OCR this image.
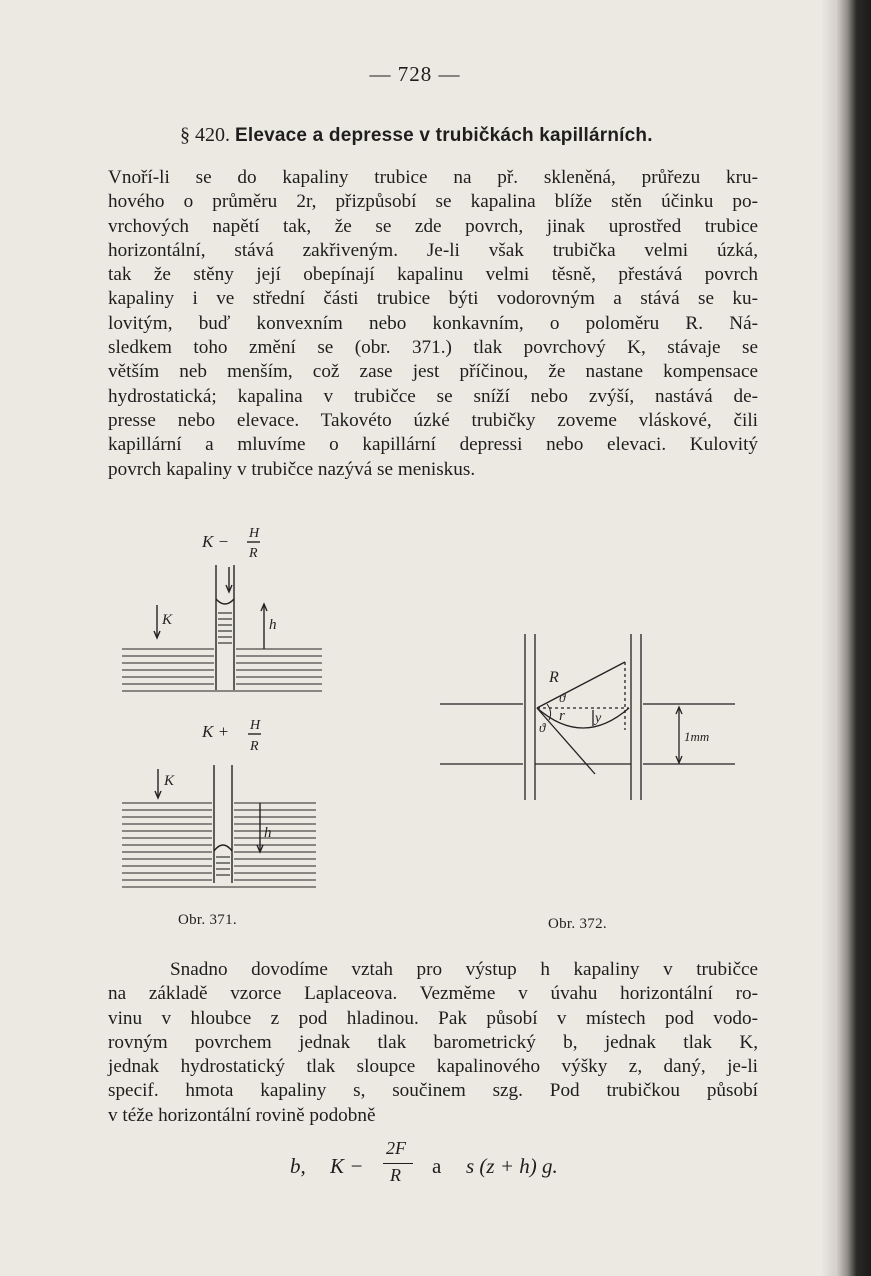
— 728 —
§ 420. Elevace a depresse v trubičkách kapillárních.
Vnoří-li se do kapaliny trubice na př. skleněná, průřezu kru-
hového o průměru 2r, přizpůsobí se kapalina blíže stěn účinku po-
vrchových napětí tak, že se zde povrch, jinak uprostřed trubice
horizontální, stává zakřiveným. Je-li však trubička velmi úzká,
tak že stěny její obepínají kapalinu velmi těsně, přestává povrch
kapaliny i ve střední části trubice býti vodorovným a stává se ku-
lovitým, buď konvexním nebo konkavním, o poloměru R. Ná-
sledkem toho změní se (obr. 371.) tlak povrchový K, stávaje se
větším neb menším, což zase jest příčinou, že nastane kompensace
hydrostatická; kapalina v trubičce se sníží nebo zvýší, nastává de-
presse nebo elevace. Takovéto úzké trubičky zoveme vláskové, čili
kapillární a mluvíme o kapillární depressi nebo elevaci. Kulovitý
povrch kapaliny v trubičce nazývá se meniskus.
K − H
R
K	h
K + H
R
K
h
R
ϑ
r
ϑ
y
1mm
Obr. 371.	Obr. 372.
Snadno dovodíme vztah pro výstup h kapaliny v trubičce
na základě vzorce Laplaceova. Vezměme v úvahu horizontální ro-
vinu v hloubce z pod hladinou. Pak působí v místech pod vodo-
rovným povrchem jednak tlak barometrický b, jednak tlak K,
jednak hydrostatický tlak sloupce kapalinového výšky z, daný, je-li
specif. hmota kapaliny s, součinem szg. Pod trubičkou působí
v téže horizontální rovině podobně
b, K −
2F
R a s (z + h) g.
